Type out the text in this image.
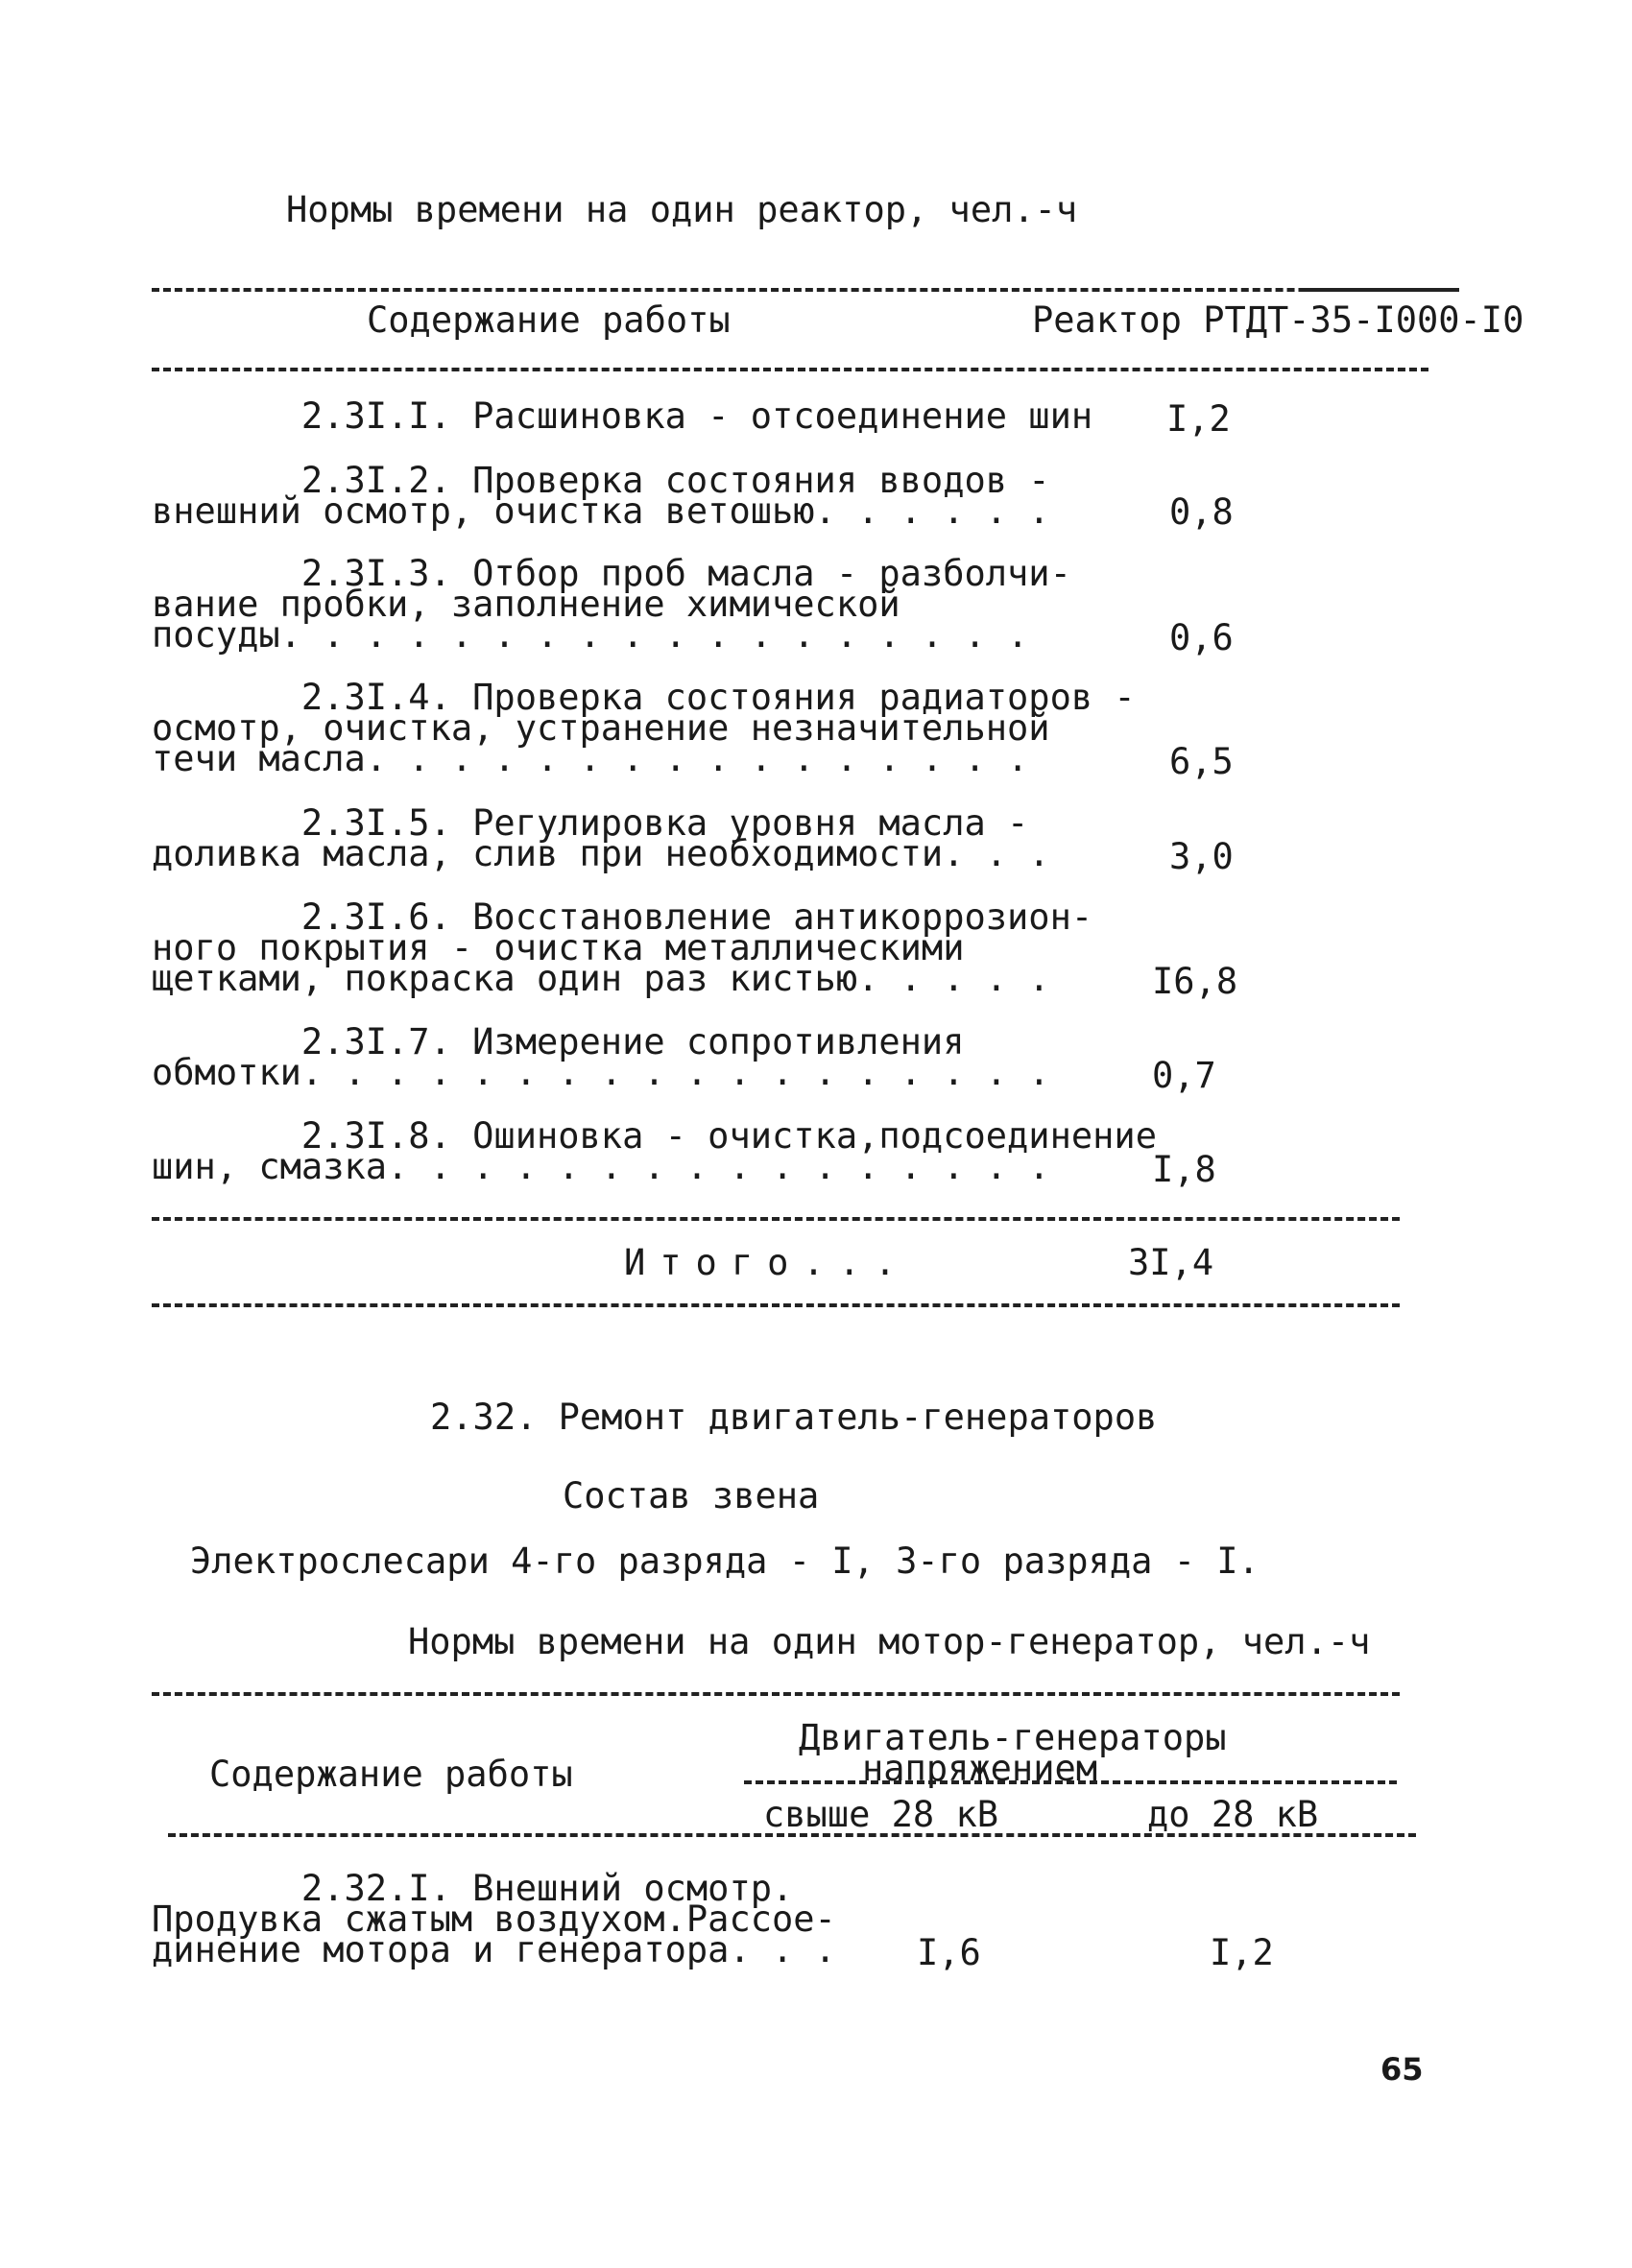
Нормы времени на один реактор, чел.-ч
Содержание работы	Реактор РТДТ-35-I000-I0
2.3I.I. Расшиновка - отсоединение шин I,2
2.3I.2. Проверка состояния вводов -
внешний осмотр, очистка ветошью. . . . . .	0,8
2.3I.3. Отбор проб масла - разболчи-
вание пробки, заполнение химической
посуды. . . . . . . . . . . . . . . . . .	0,6
2.3I.4. Проверка состояния радиаторов -
осмотр, очистка, устранение незначительной
течи масла. . . . . . . . . . . . . . . .	6,5
2.3I.5. Регулировка уровня масла -
доливка масла, слив при необходимости. . .	3,0
2.3I.6. Восстановление антикоррозион-
ного покрытия - очистка металлическими
щетками, покраска один раз кистью. . . . .	I6,8
2.3I.7. Измерение сопротивления
обмотки. . . . . . . . . . . . . . . . . .	0,7
2.3I.8. Ошиновка - очистка,подсоединение
шин, смазка. . . . . . . . . . . . . . . .	I,8
Итого...	3I,4
2.32. Ремонт двигатель-генераторов
Состав звена
Электрослесари 4-го разряда - I, 3-го разряда - I.
Нормы времени на один мотор-генератор, чел.-ч
Двигатель-генераторы
напряжением
Содержание работы
свыше 28 кВ	до 28 кВ
2.32.I. Внешний осмотр.
Продувка сжатым воздухом.Рассое-
динение мотора и генератора. . . I,6	I,2
65
